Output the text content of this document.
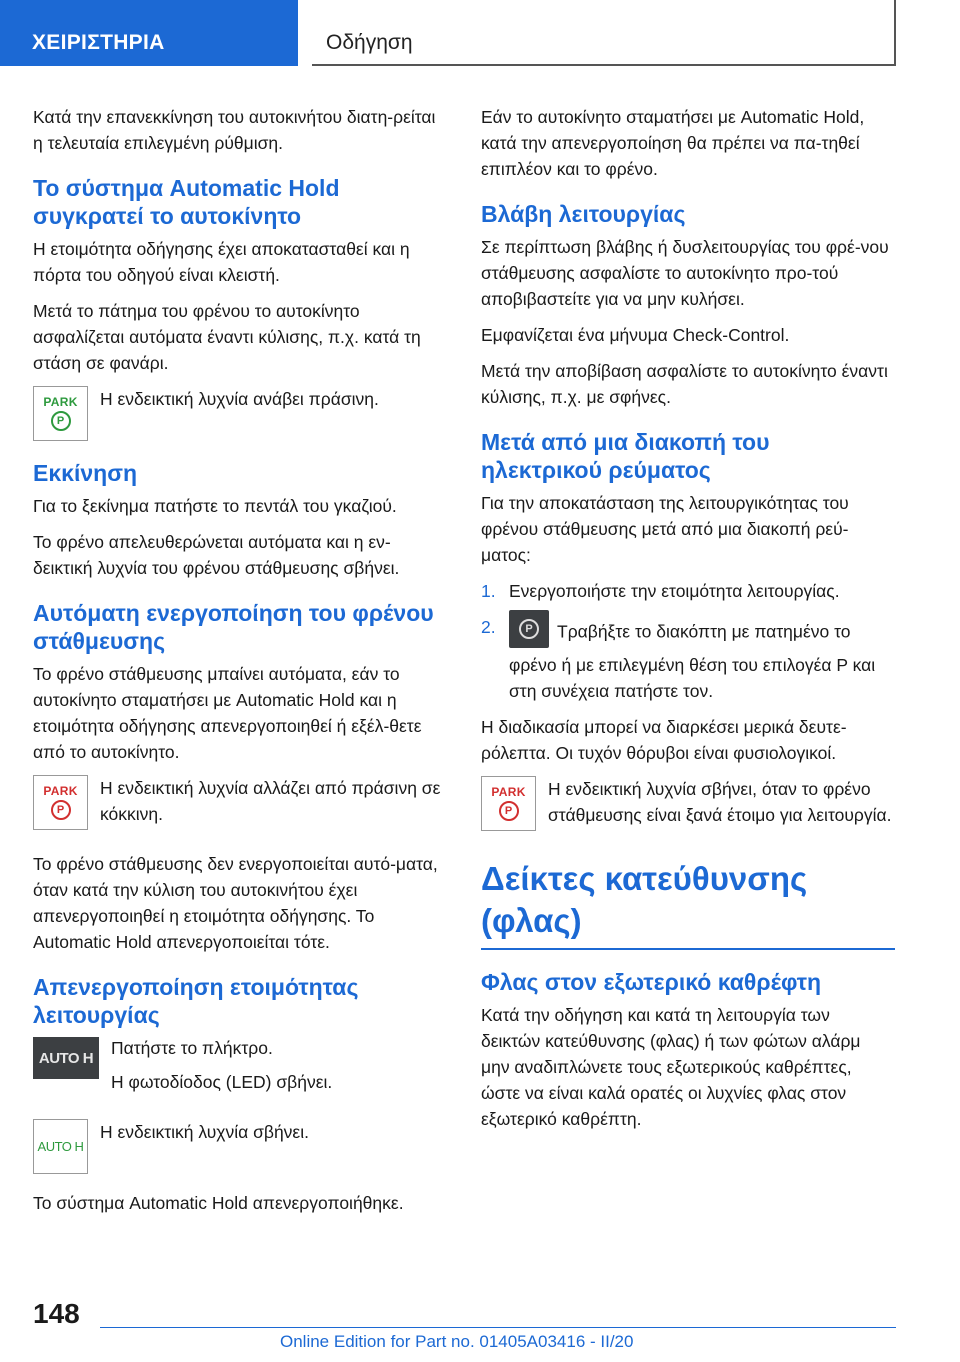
ΧΕΙΡΙΣΤΗΡΙΑ	Οδήγηση

Κατά την επανεκκίνηση του αυτοκινήτου διατη-ρείται η τελευταία επιλεγμένη ρύθμιση.

Το σύστημα Automatic Hold συγκρατεί το αυτοκίνητο

Η ετοιμότητα οδήγησης έχει αποκατασταθεί και η πόρτα του οδηγού είναι κλειστή.

Μετά το πάτημα του φρένου το αυτοκίνητο ασφαλίζεται αυτόματα έναντι κύλισης, π.χ. κατά τη στάση σε φανάρι.

PARK
P

Η ενδεικτική λυχνία ανάβει πράσινη.

Εκκίνηση

Για το ξεκίνημα πατήστε το πεντάλ του γκαζιού.

Το φρένο απελευθερώνεται αυτόματα και η εν-δεικτική λυχνία του φρένου στάθμευσης σβήνει.

Αυτόματη ενεργοποίηση του φρένου στάθμευσης

Το φρένο στάθμευσης μπαίνει αυτόματα, εάν το αυτοκίνητο σταματήσει με Automatic Hold και η ετοιμότητα οδήγησης απενεργοποιηθεί ή εξέλ-θετε από το αυτοκίνητο.

PARK
P

Η ενδεικτική λυχνία αλλάζει από πράσινη σε κόκκινη.

Το φρένο στάθμευσης δεν ενεργοποιείται αυτό-ματα, όταν κατά την κύλιση του αυτοκινήτου έχει απενεργοποιηθεί η ετοιμότητα οδήγησης. Το Automatic Hold απενεργοποιείται τότε.

Απενεργοποίηση ετοιμότητας λειτουργίας
AUTO H	Πατήστε το πλήκτρο.

Η φωτοδίοδος (LED) σβήνει.

AUTO H

Η ενδεικτική λυχνία σβήνει.

Το σύστημα Automatic Hold απενεργοποιήθηκε.

Εάν το αυτοκίνητο σταματήσει με Automatic Hold, κατά την απενεργοποίηση θα πρέπει να πα-τηθεί επιπλέον και το φρένο.

Βλάβη λειτουργίας

Σε περίπτωση βλάβης ή δυσλειτουργίας του φρέ-νου στάθμευσης ασφαλίστε το αυτοκίνητο προ-τού αποβιβαστείτε για να μην κυλήσει.

Εμφανίζεται ένα μήνυμα Check-Control.

Μετά την αποβίβαση ασφαλίστε το αυτοκίνητο έναντι κύλισης, π.χ. με σφήνες.

Μετά από μια διακοπή του ηλεκτρικού ρεύματος

Για την αποκατάσταση της λειτουργικότητας του φρένου στάθμευσης μετά από μια διακοπή ρεύ-ματος:

1. Ενεργοποιήστε την ετοιμότητα λειτουργίας.
2.	P	Τραβήξτε το διακόπτη με πατημένο το φρένο ή με επιλεγμένη θέση του επιλογέα P και στη συνέχεια πατήστε τον.

Η διαδικασία μπορεί να διαρκέσει μερικά δευτε-ρόλεπτα. Οι τυχόν θόρυβοι είναι φυσιολογικοί.

PARK
P

Η ενδεικτική λυχνία σβήνει, όταν το φρένο στάθμευσης είναι ξανά έτοιμο για λειτουργία.

Δείκτες κατεύθυνσης (φλας)
Φλας στον εξωτερικό καθρέφτη

Κατά την οδήγηση και κατά τη λειτουργία των δεικτών κατεύθυνσης (φλας) ή των φώτων αλάρμ μην αναδιπλώνετε τους εξωτερικούς καθρέπτες, ώστε να είναι καλά ορατές οι λυχνίες φλας στον εξωτερικό καθρέπτη.

148
Online Edition for Part no. 01405A03416 - II/20
